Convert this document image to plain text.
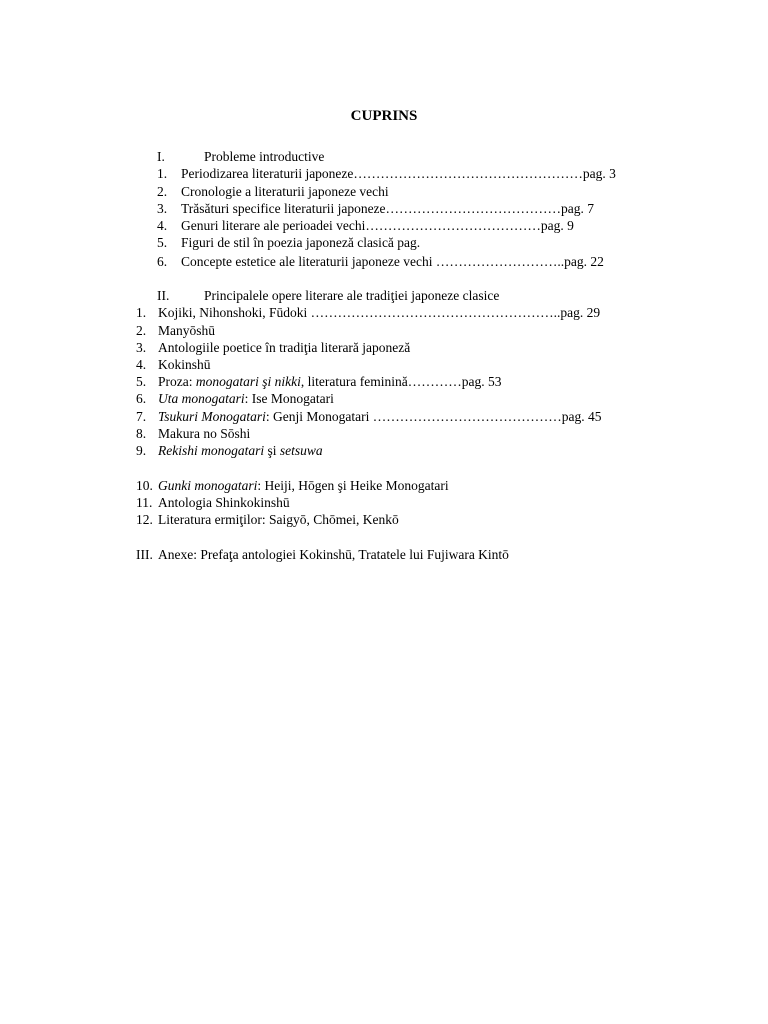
CUPRINS
I.	Probleme introductive
1. Periodizarea literaturii japoneze……………………………………………pag. 3
2. Cronologie a literaturii japoneze vechi
3. Trăsături specifice literaturii japoneze…………………………………pag. 7
4. Genuri literare ale perioadei vechi…………………………………pag. 9
5. Figuri de stil în poezia japoneză clasică pag.
6. Concepte estetice ale literaturii japoneze vechi ………………………..pag. 22
II.	Principalele opere literare ale tradiţiei japoneze clasice
1. Kojiki, Nihonshoki, Fūdoki ………………………………………………..pag. 29
2. Manyōshū
3. Antologiile poetice în tradiţia literară japoneză
4. Kokinshū
5. Proza: monogatari şi nikki, literatura feminină…………pag. 53
6. Uta monogatari: Ise Monogatari
7. Tsukuri Monogatari: Genji Monogatari ……………………………………pag. 45
8. Makura no Sōshi
9. Rekishi monogatari şi setsuwa
10. Gunki monogatari: Heiji, Hōgen şi Heike Monogatari
11. Antologia Shinkokinshū
12. Literatura ermiţilor: Saigyō, Chōmei, Kenkō
III. Anexe: Prefaţa antologiei Kokinshū, Tratatele lui Fujiwara Kintō
